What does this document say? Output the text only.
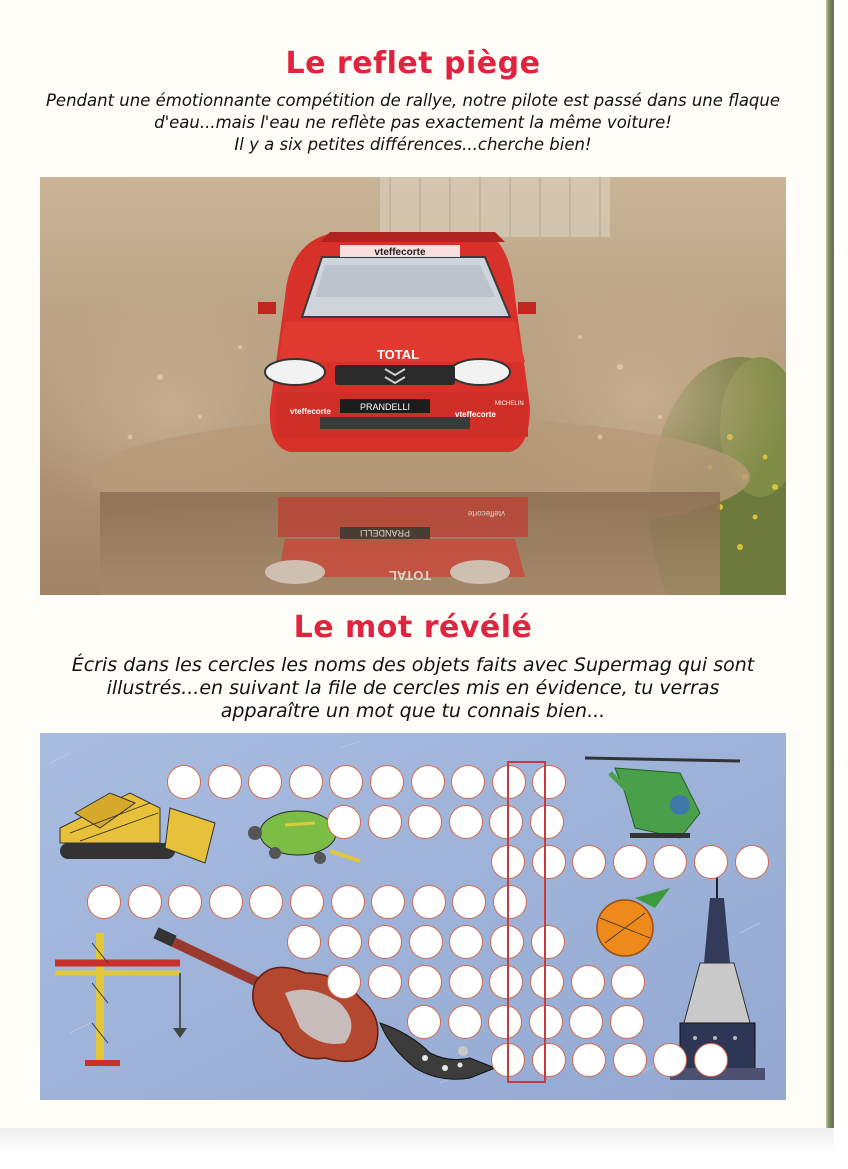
Le reflet piège
Pendant une émotionnante compétition de rallye, notre pilote est passé dans une flaque
d'eau...mais l'eau ne reflète pas exactement la même voiture!
Il y a six petites différences...cherche bien!
vteffecorte
TOTAL
PRANDELLI
vteffecorte	vteffecorte
MICHELIN
PRANDELLI
vteffecorte
TOTAL
Le mot révélé
Écris dans les cercles les noms des objets faits avec Supermag qui sont
illustrés...en suivant la file de cercles mis en évidence, tu verras
apparaître un mot que tu connais bien...
